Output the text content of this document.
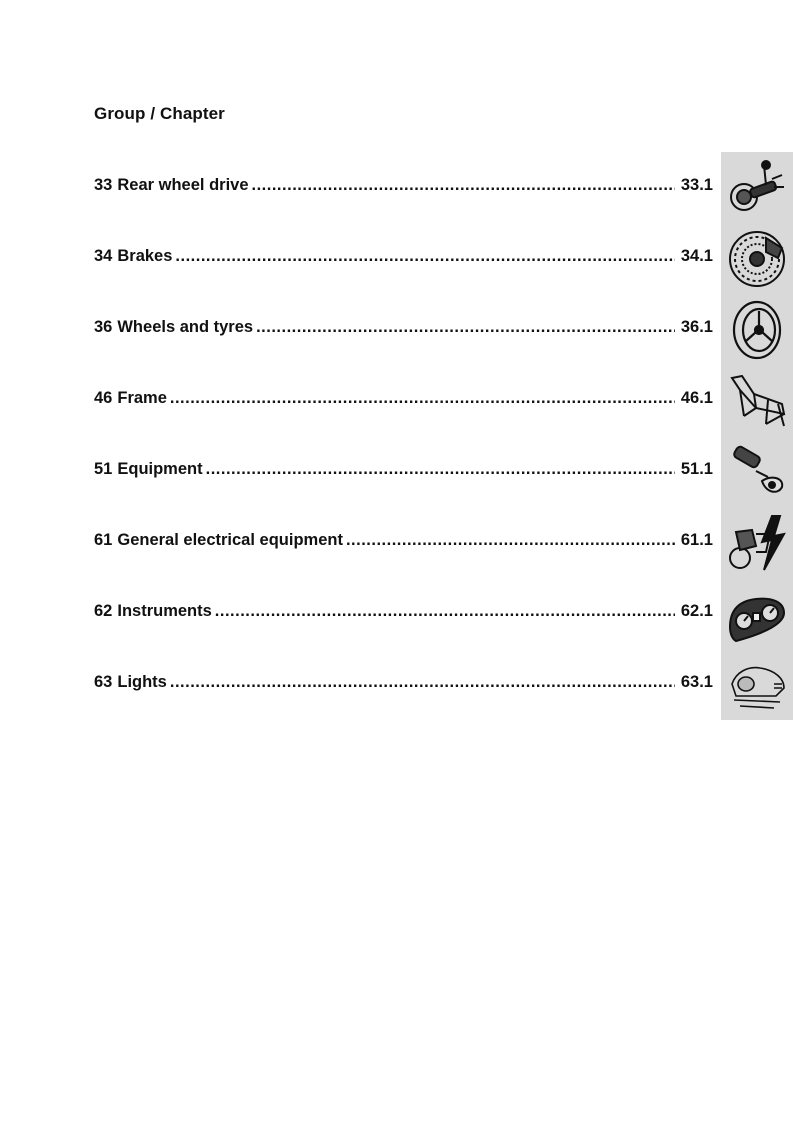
Group / Chapter
33 Rear wheel drive .....	33.1
34 Brakes .....	34.1
36 Wheels and tyres .....	36.1
46 Frame .....	46.1
51 Equipment .....	51.1
61 General electrical equipment .....	61.1
62 Instruments .....	62.1
63 Lights .....	63.1
